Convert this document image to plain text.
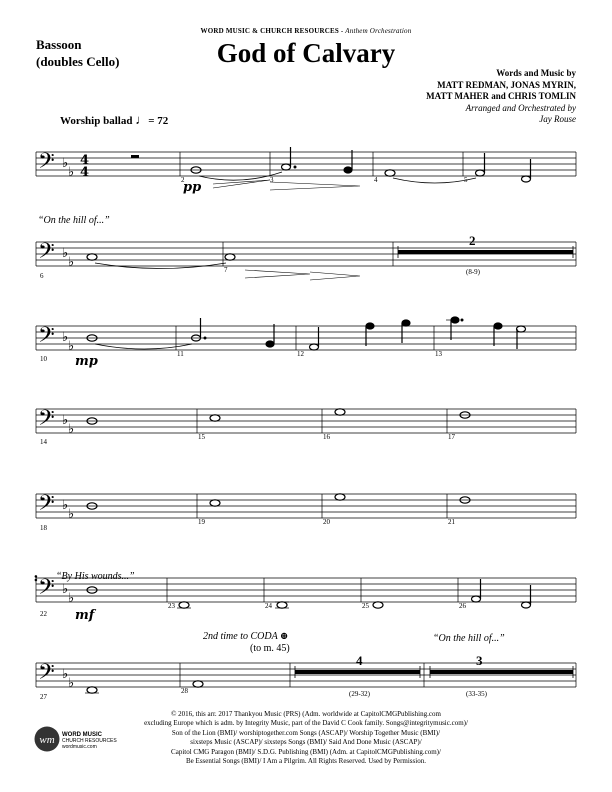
WORD MUSIC & CHURCH RESOURCES - Anthem Orchestration
God of Calvary
Bassoon
(doubles Cello)
Words and Music by
MATT REDMAN, JONAS MYRIN,
MATT MAHER and CHRIS TOMLIN
Arranged and Orchestrated by
Jay Rouse
Worship ballad ♩= 72
“On the hill of...”
𝄈 “By His wounds...”
2nd time to CODA ⊕
(to m. 45)
“On the hill of...”
pp
mp
mf
2
(8-9)
4
(29-32)
3
(33-35)
2	3	4	5
6
7
10
11	12	13
14
15	16	17
18
19	20	21
22
23	24	25	26
27
28
𝄢 ♭
♭
𝄢 ♭
♭
𝄢 ♭
♭
𝄢 ♭
♭
𝄢 ♭
♭
𝄢 ♭
♭
𝄢 ♭
♭
4
4
© 2016, this arr. 2017 Thankyou Music (PRS) (Adm. worldwide at CapitolCMGPublishing.com
excluding Europe which is adm. by Integrity Music, part of the David C Cook family. Songs@integritymusic.com)/
Son of the Lion (BMI)/ worshiptogether.com Songs (ASCAP)/ Worship Together Music (BMI)/
sixsteps Music (ASCAP)/ sixsteps Songs (BMI)/ Said And Done Music (ASCAP)/
Capitol CMG Paragon (BMI)/ S.D.G. Publishing (BMI) (Adm. at CapitolCMGPublishing.com)/
Be Essential Songs (BMI)/ I Am a Pilgrim. All Rights Reserved. Used by Permission.
wm WORD MUSIC
CHURCH RESOURCES
wordmusic.com
